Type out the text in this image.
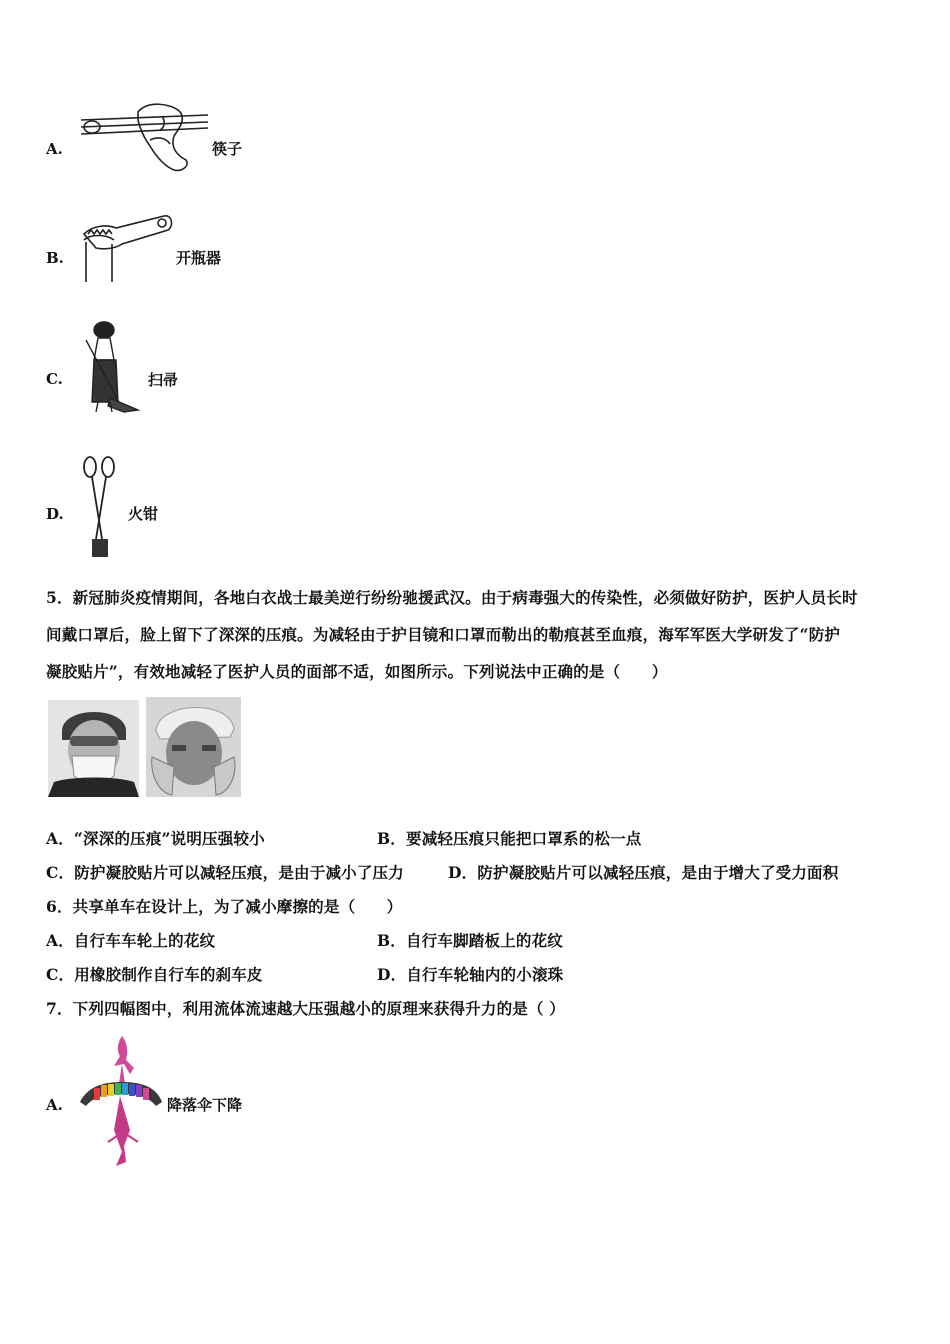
A.	筷子
B.	开瓶器
C.	扫帚
D.	火钳
5．新冠肺炎疫情期间，各地白衣战士最美逆行纷纷驰援武汉。由于病毒强大的传染性，必须做好防护，医护人员长时
间戴口罩后，脸上留下了深深的压痕。为减轻由于护目镜和口罩而勒出的勒痕甚至血痕，海军军医大学研发了“防护
凝胶贴片”，有效地减轻了医护人员的面部不适，如图所示。下列说法中正确的是（　　）
A．“深深的压痕”说明压强较小	B．要减轻压痕只能把口罩系的松一点
C．防护凝胶贴片可以减轻压痕，是由于减小了压力	D．防护凝胶贴片可以减轻压痕，是由于增大了受力面积
6．共享单车在设计上，为了减小摩擦的是（　　）
A．自行车车轮上的花纹	B．自行车脚踏板上的花纹
C．用橡胶制作自行车的刹车皮	D．自行车轮轴内的小滚珠
7．下列四幅图中，利用流体流速越大压强越小的原理来获得升力的是（ ）
A.	降落伞下降
